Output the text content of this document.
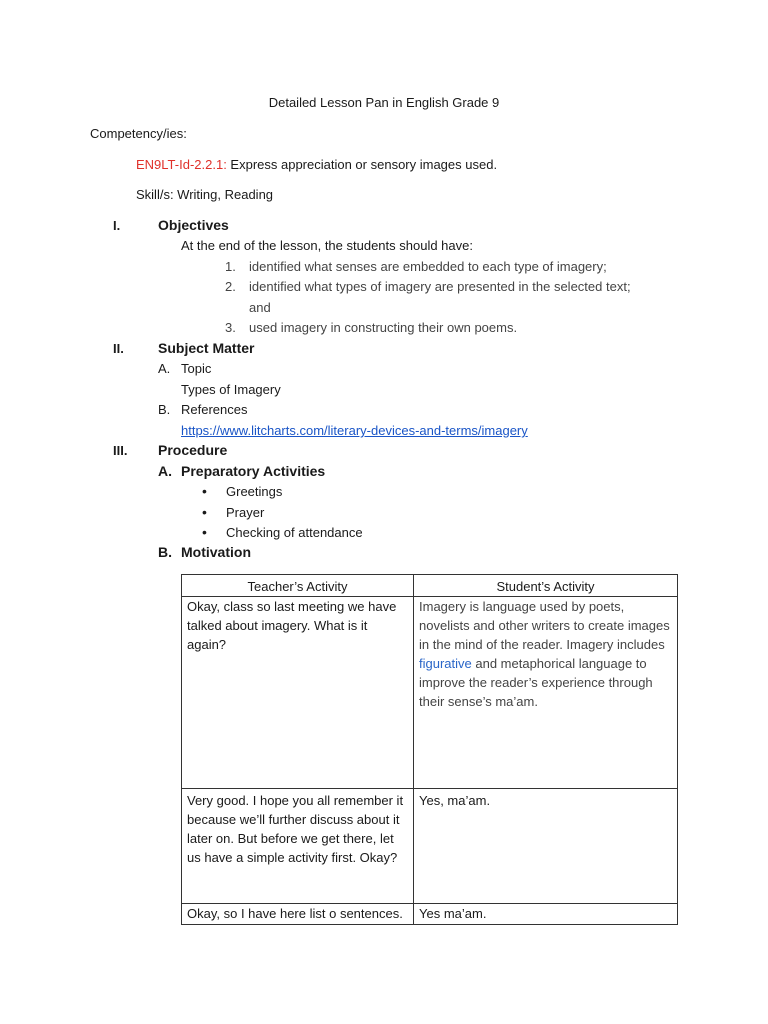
Detailed Lesson Pan in English Grade 9
Competency/ies:
EN9LT-Id-2.2.1: Express appreciation or sensory images used.
Skill/s: Writing, Reading
I.	Objectives
At the end of the lesson, the students should have:
1. identified what senses are embedded to each type of imagery;
2. identified what types of imagery are presented in the selected text;
and
3. used imagery in constructing their own poems.
II. Subject Matter
A. Topic
Types of Imagery
B. References
https://www.litcharts.com/literary-devices-and-terms/imagery
III. Procedure
A. Preparatory Activities
• Greetings
• Prayer
• Checking of attendance
B. Motivation
Teacher’s Activity	Student’s Activity
Okay, class so last meeting we have talked about imagery. What is it again?	Imagery is language used by poets, novelists and other writers to create images in the mind of the reader. Imagery includes figurative and metaphorical language to improve the reader’s experience through their sense’s ma’am.
Very good. I hope you all remember it because we’ll further discuss about it later on. But before we get there, let us have a simple activity first. Okay?	Yes, ma’am.
Okay, so I have here list o sentences.	Yes ma’am.
